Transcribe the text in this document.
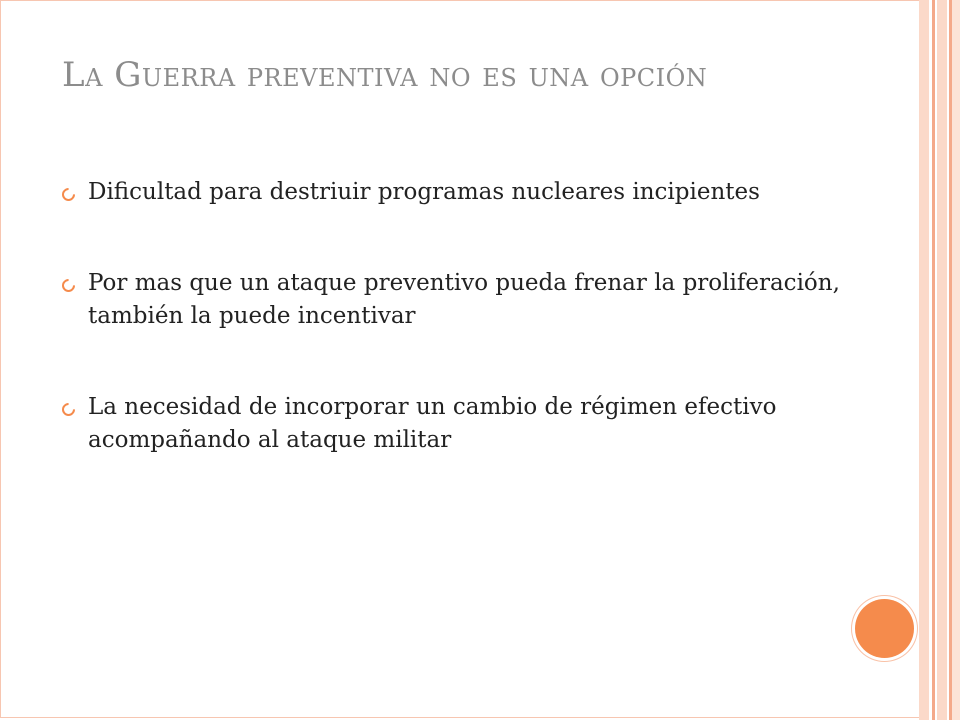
La Guerra preventiva no es una opción
Dificultad para destriuir programas nucleares incipientes
Por mas que un ataque preventivo pueda frenar la proliferación, también la puede incentivar
La necesidad de incorporar un cambio de régimen efectivo acompañando al ataque militar
